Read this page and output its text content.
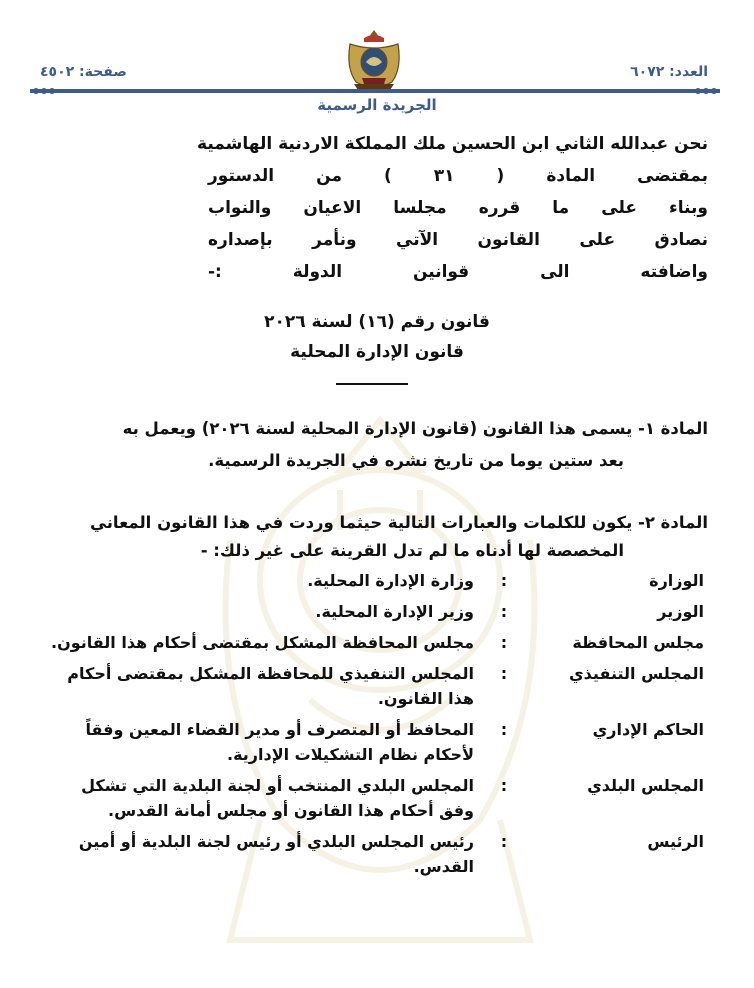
العدد: ٦٠٧٢
صفحة: ٤٥٠٢
الجريدة الرسمية
نحن عبدالله الثاني ابن الحسين ملك المملكة الاردنية الهاشمية
بمقتضى المادة ( ٣١ ) من الدستور
وبناء على ما قرره مجلسا الاعيان والنواب
نصادق على القانون الآتي ونأمر بإصداره
واضافته الى قوانين الدولة :-
قانون رقم (١٦) لسنة ٢٠٢٦
قانون الإدارة المحلية
المادة ١- يسمى هذا القانون (قانون الإدارة المحلية لسنة ٢٠٢٦) ويعمل به
بعد ستين يوما من تاريخ نشره في الجريدة الرسمية.
المادة ٢- يكون للكلمات والعبارات التالية حيثما وردت في هذا القانون المعاني
المخصصة لها أدناه ما لم تدل القرينة على غير ذلك: -
الوزارة
:
وزارة الإدارة المحلية.
الوزير
:
وزير الإدارة المحلية.
مجلس المحافظة
:
مجلس المحافظة المشكل بمقتضى أحكام هذا القانون.
المجلس التنفيذي
:
المجلس التنفيذي للمحافظة المشكل بمقتضى أحكام هذا القانون.
الحاكم الإداري
:
المحافظ أو المتصرف أو مدير القضاء المعين وفقاً لأحكام نظام التشكيلات الإدارية.
المجلس البلدي
:
المجلس البلدي المنتخب أو لجنة البلدية التي تشكل وفق أحكام هذا القانون أو مجلس أمانة القدس.
الرئيس
:
رئيس المجلس البلدي أو رئيس لجنة البلدية أو أمين القدس.
